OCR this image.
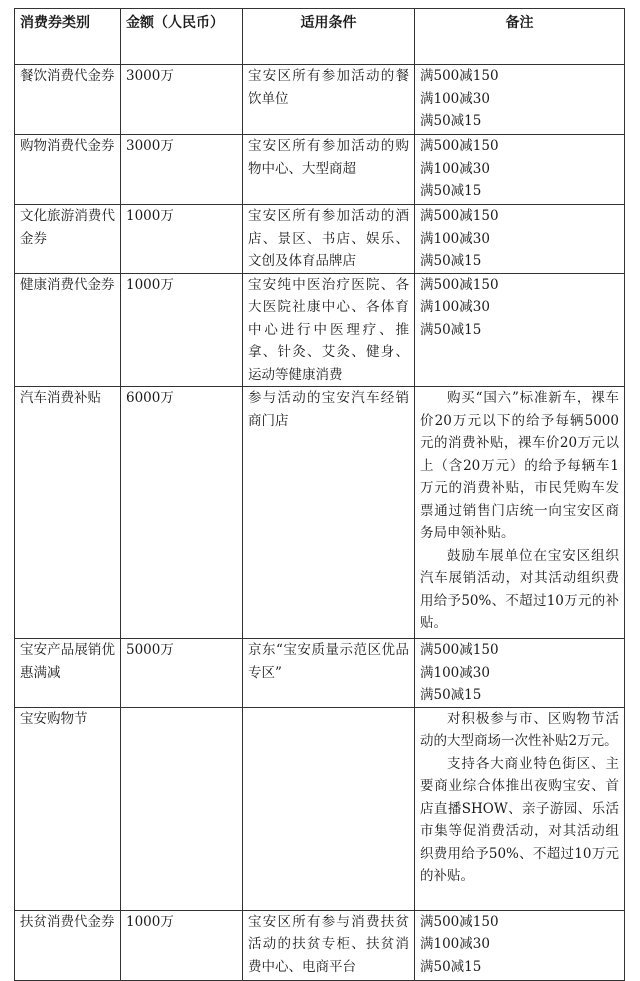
消费券类别	金额（人民币）	适用条件	备注
餐饮消费代金券	3000万	宝安区所有参加活动的餐饮单位	满500减150
满100减30
满50减15

购物消费代金券	3000万	宝安区所有参加活动的购物中心、大型商超	满500减150
满100减30
满50减15

文化旅游消费代金券	1000万	宝安区所有参加活动的酒店、景区、书店、娱乐、文创及体育品牌店	满500减150
满100减30
满50减15

健康消费代金券	1000万	宝安纯中医治疗医院、各大医院社康中心、各体育中心进行中医理疗、推拿、针灸、艾灸、健身、运动等健康消费	满500减150
满100减30
满50减15

汽车消费补贴	6000万	参与活动的宝安汽车经销商门店	购买“国六”标准新车，裸车价20万元以下的给予每辆5000元的消费补贴，裸车价20万元以上（含20万元）的给予每辆车1万元的消费补贴，市民凭购车发票通过销售门店统一向宝安区商务局申领补贴。

鼓励车展单位在宝安区组织汽车展销活动，对其活动组织费用给予50%、不超过10万元的补贴。

宝安产品展销优惠满减	5000万	京东“宝安质量示范区优品专区”	满500减150
满100减30
满50减15

宝安购物节			对积极参与市、区购物节活动的大型商场一次性补贴2万元。

支持各大商业特色街区、主要商业综合体推出夜购宝安、首店直播SHOW、亲子游园、乐活市集等促消费活动，对其活动组织费用给予50%、不超过10万元的补贴。

扶贫消费代金券	1000万	宝安区所有参与消费扶贫活动的扶贫专柜、扶贫消费中心、电商平台	满500减150
满100减30
满50减15
